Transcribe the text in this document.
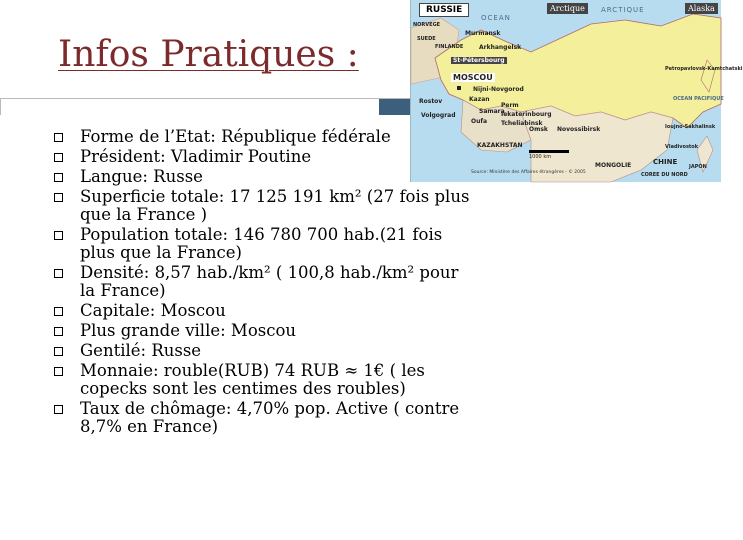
Infos Pratiques :
RUSSIE	Arctique	Alaska
OCEAN
ARCTIQUE
NORVEGE
SUEDE
FINLANDE
Murmansk
Arkhangelsk
St-Pétersbourg
MOSCOU
Nijni-Novgorod
Kazan
Perm
Rostov
Samara
Iekaterinbourg
Oufa Tcheliabinsk
Volgograd
Omsk Novossibirsk
KAZAKHSTAN
CHINE
MONGOLIE	JAPON
COREE DU NORD
Vladivostok
Ioujno-Sakhalinsk
Petropavlovsk-Kamtchatski
OCEAN PACIFIQUE
1000 km
Source: Ministère des Affaires étrangères - © 2005
Forme de l’Etat: République fédérale
Président: Vladimir Poutine
Langue: Russe
Superficie totale: 17 125 191 km² (27 fois plus que la France )
Population totale: 146 780 700 hab.(21 fois plus que la France)
Densité: 8,57 hab./km² ( 100,8 hab./km² pour la France)
Capitale: Moscou
Plus grande ville: Moscou
Gentilé: Russe
Monnaie: rouble(RUB) 74 RUB ≈ 1€ ( les copecks sont les centimes des roubles)
Taux de chômage: 4,70% pop. Active ( contre 8,7% en France)
